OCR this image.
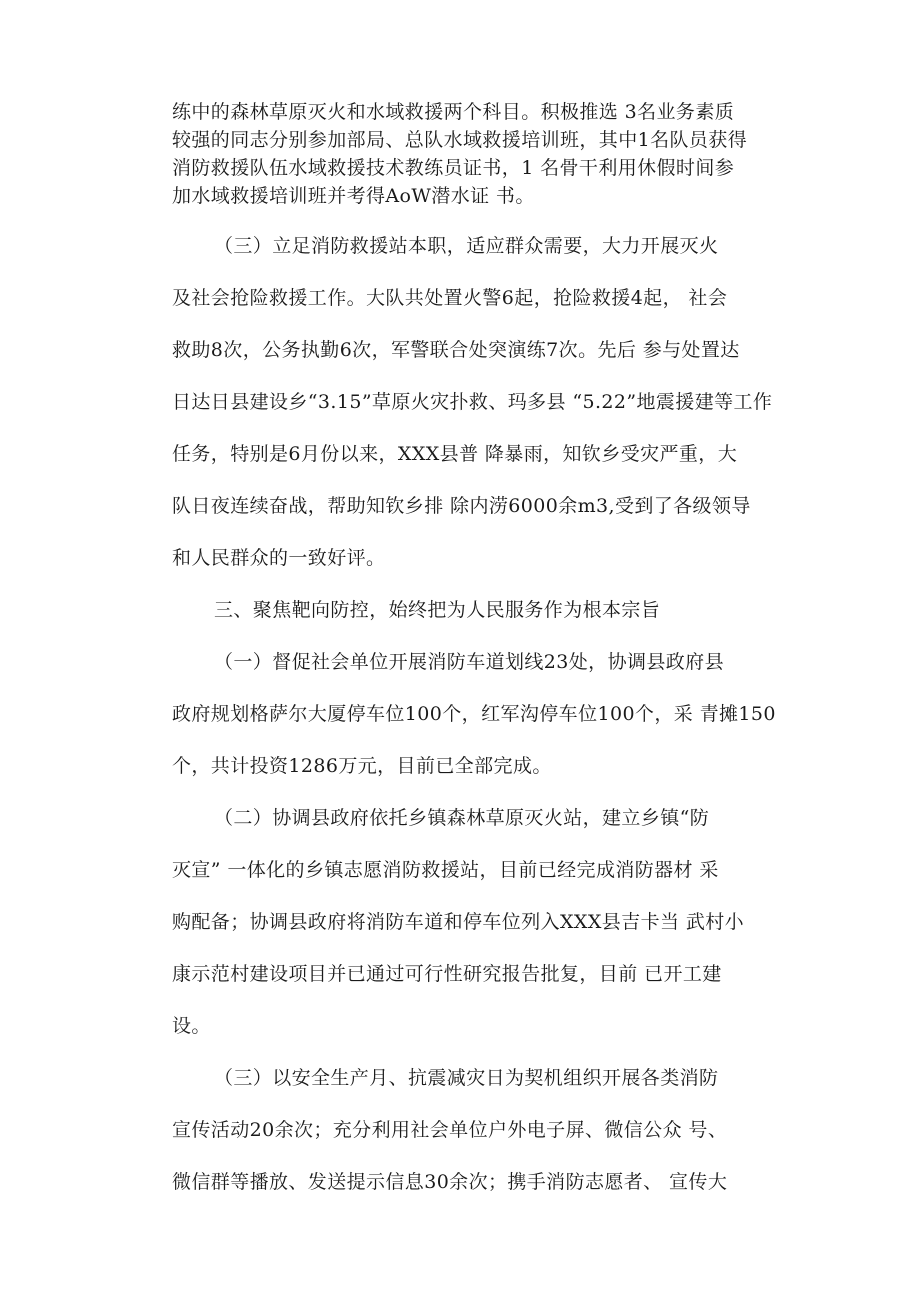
练中的森林草原灭火和水域救援两个科目。积极推选 3名业务素质
较强的同志分别参加部局、总队水域救援培训班，其中1名队员获得
消防救援队伍水域救援技术教练员证书，1 名骨干利用休假时间参
加水域救援培训班并考得AoW潜水证 书。
（三）立足消防救援站本职，适应群众需要，大力开展灭火
及社会抢险救援工作。大队共处置火警6起，抢险救援4起， 社会
救助8次，公务执勤6次，军警联合处突演练7次。先后 参与处置达
日达日县建设乡“3.15”草原火灾扑救、玛多县 “5.22”地震援建等工作
任务，特别是6月份以来，XXX县普 降暴雨，知钦乡受灾严重，大
队日夜连续奋战，帮助知钦乡排 除内涝6000余m3,受到了各级领导
和人民群众的一致好评。
三、聚焦靶向防控，始终把为人民服务作为根本宗旨
（一）督促社会单位开展消防车道划线23处，协调县政府县
政府规划格萨尔大厦停车位100个，红军沟停车位100个，采 青摊150
个，共计投资1286万元，目前已全部完成。
（二）协调县政府依托乡镇森林草原灭火站，建立乡镇“防
灭宣” 一体化的乡镇志愿消防救援站，目前已经完成消防器材 采
购配备；协调县政府将消防车道和停车位列入XXX县吉卡当 武村小
康示范村建设项目并已通过可行性研究报告批复，目前 已开工建
设。
（三）以安全生产月、抗震减灾日为契机组织开展各类消防
宣传活动20余次；充分利用社会单位户外电子屏、微信公众 号、
微信群等播放、发送提示信息30余次；携手消防志愿者、 宣传大
